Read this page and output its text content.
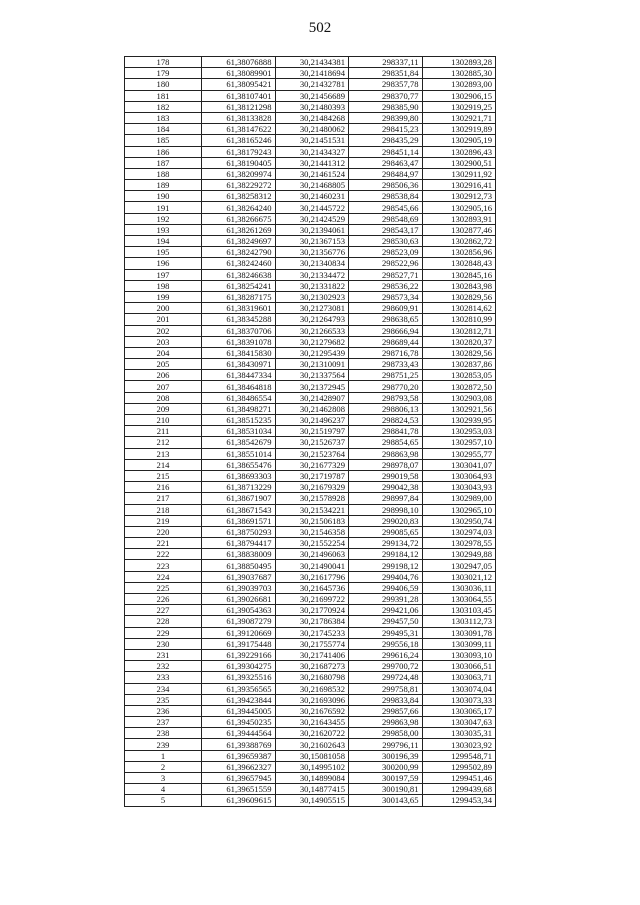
502
178	61,38076888	30,21434381	298337,11	1302893,28
179	61,38089901	30,21418694	298351,84	1302885,30
180	61,38095421	30,21432781	298357,78	1302893,00
181	61,38107401	30,21456689	298370,77	1302906,15
182	61,38121298	30,21480393	298385,90	1302919,25
183	61,38133828	30,21484268	298399,80	1302921,71
184	61,38147622	30,21480062	298415,23	1302919,89
185	61,38165246	30,21451531	298435,29	1302905,19
186	61,38179243	30,21434327	298451,14	1302896,43
187	61,38190405	30,21441312	298463,47	1302900,51
188	61,38209974	30,21461524	298484,97	1302911,92
189	61,38229272	30,21468805	298506,36	1302916,41
190	61,38258312	30,21460231	298538,84	1302912,73
191	61,38264240	30,21445722	298545,66	1302905,16
192	61,38266675	30,21424529	298548,69	1302893,91
193	61,38261269	30,21394061	298543,17	1302877,46
194	61,38249697	30,21367153	298530,63	1302862,72
195	61,38242790	30,21356776	298523,09	1302856,96
196	61,38242460	30,21340834	298522,96	1302848,43
197	61,38246638	30,21334472	298527,71	1302845,16
198	61,38254241	30,21331822	298536,22	1302843,98
199	61,38287175	30,21302923	298573,34	1302829,56
200	61,38319601	30,21273081	298609,91	1302814,62
201	61,38345288	30,21264793	298638,65	1302810,99
202	61,38370706	30,21266533	298666,94	1302812,71
203	61,38391078	30,21279682	298689,44	1302820,37
204	61,38415830	30,21295439	298716,78	1302829,56
205	61,38430971	30,21310091	298733,43	1302837,86
206	61,38447334	30,21337564	298751,25	1302853,05
207	61,38464818	30,21372945	298770,20	1302872,50
208	61,38486554	30,21428907	298793,58	1302903,08
209	61,38498271	30,21462808	298806,13	1302921,56
210	61,38515235	30,21496237	298824,53	1302939,95
211	61,38531034	30,21519797	298841,78	1302953,03
212	61,38542679	30,21526737	298854,65	1302957,10
213	61,38551014	30,21523764	298863,98	1302955,77
214	61,38655476	30,21677329	298978,07	1303041,07
215	61,38693303	30,21719787	299019,58	1303064,93
216	61,38713229	30,21679329	299042,38	1303043,93
217	61,38671907	30,21578928	298997,84	1302989,00
218	61,38671543	30,21534221	298998,10	1302965,10
219	61,38691571	30,21506183	299020,83	1302950,74
220	61,38750293	30,21546358	299085,65	1302974,03
221	61,38794417	30,21552254	299134,72	1302978,55
222	61,38838009	30,21496063	299184,12	1302949,88
223	61,38850495	30,21490041	299198,12	1302947,05
224	61,39037687	30,21617796	299404,76	1303021,12
225	61,39039703	30,21645736	299406,59	1303036,11
226	61,39026681	30,21699722	299391,28	1303064,55
227	61,39054363	30,21770924	299421,06	1303103,45
228	61,39087279	30,21786384	299457,50	1303112,73
229	61,39120669	30,21745233	299495,31	1303091,78
230	61,39175448	30,21755774	299556,18	1303099,11
231	61,39229166	30,21741406	299616,24	1303093,10
232	61,39304275	30,21687273	299700,72	1303066,51
233	61,39325516	30,21680798	299724,48	1303063,71
234	61,39356565	30,21698532	299758,81	1303074,04
235	61,39423844	30,21693096	299833,84	1303073,33
236	61,39445005	30,21676592	299857,66	1303065,17
237	61,39450235	30,21643455	299863,98	1303047,63
238	61,39444564	30,21620722	299858,00	1303035,31
239	61,39388769	30,21602643	299796,11	1303023,92
1	61,39659387	30,15081058	300196,39	1299548,71
2	61,39662327	30,14995102	300200,99	1299502,89
3	61,39657945	30,14899084	300197,59	1299451,46
4	61,39651559	30,14877415	300190,81	1299439,68
5	61,39609615	30,14905515	300143,65	1299453,34
